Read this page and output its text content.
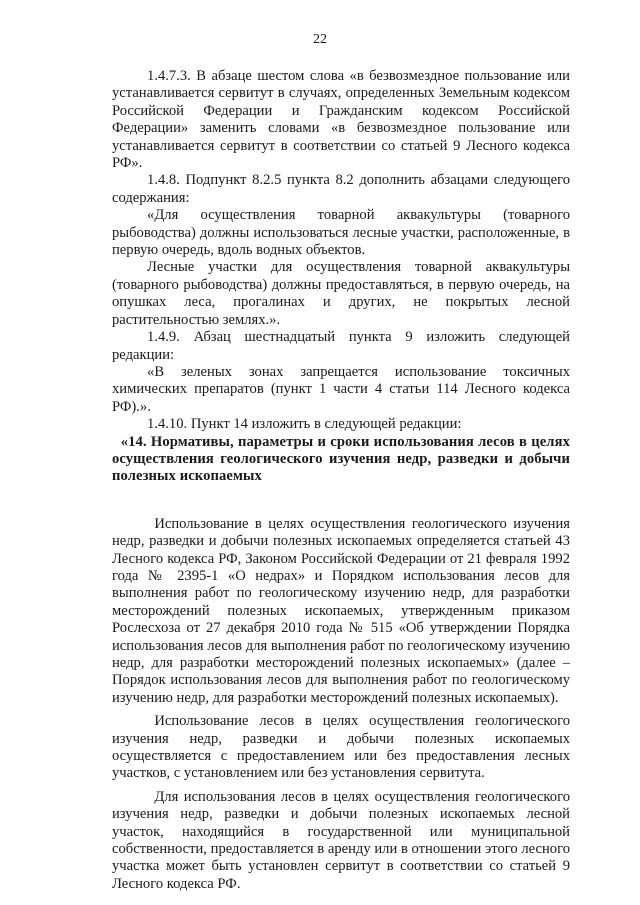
22

1.4.7.3. В абзаце шестом слова «в безвозмездное пользование или устанавливается сервитут в случаях, определенных Земельным кодексом Российской Федерации и Гражданским кодексом Российской Федерации» заменить словами «в безвозмездное пользование или устанавливается сервитут в соответствии со статьей 9 Лесного кодекса РФ».

1.4.8. Подпункт 8.2.5 пункта 8.2 дополнить абзацами следующего содержания:

«Для осуществления товарной аквакультуры (товарного рыбоводства) должны использоваться лесные участки, расположенные, в первую очередь, вдоль водных объектов.

Лесные участки для осуществления товарной аквакультуры (товарного рыбоводства) должны предоставляться, в первую очередь, на опушках леса, прогалинах и других, не покрытых лесной растительностью землях.».

1.4.9. Абзац шестнадцатый пункта 9 изложить следующей редакции:

«В зеленых зонах запрещается использование токсичных химических препаратов (пункт 1 части 4 статьи 114 Лесного кодекса РФ).».

1.4.10. Пункт 14 изложить в следующей редакции:

«14. Нормативы, параметры и сроки использования лесов в целях осуществления геологического изучения недр, разведки и добычи полезных ископаемых

Использование в целях осуществления геологического изучения недр, разведки и добычи полезных ископаемых определяется статьей 43 Лесного кодекса РФ, Законом Российской Федерации от 21 февраля 1992 года № 2395-1 «О недрах» и Порядком использования лесов для выполнения работ по геологическому изучению недр, для разработки месторождений полезных ископаемых, утвержденным приказом Рослесхоза от 27 декабря 2010 года № 515 «Об утверждении Порядка использования лесов для выполнения работ по геологическому изучению недр, для разработки месторождений полезных ископаемых» (далее – Порядок использования лесов для выполнения работ по геологическому изучению недр, для разработки месторождений полезных ископаемых).

Использование лесов в целях осуществления геологического изучения недр, разведки и добычи полезных ископаемых осуществляется с предоставлением или без предоставления лесных участков, с установлением или без установления сервитута.

Для использования лесов в целях осуществления геологического изучения недр, разведки и добычи полезных ископаемых лесной участок, находящийся в государственной или муниципальной собственности, предоставляется в аренду или в отношении этого лесного участка может быть установлен сервитут в соответствии со статьей 9 Лесного кодекса РФ.
